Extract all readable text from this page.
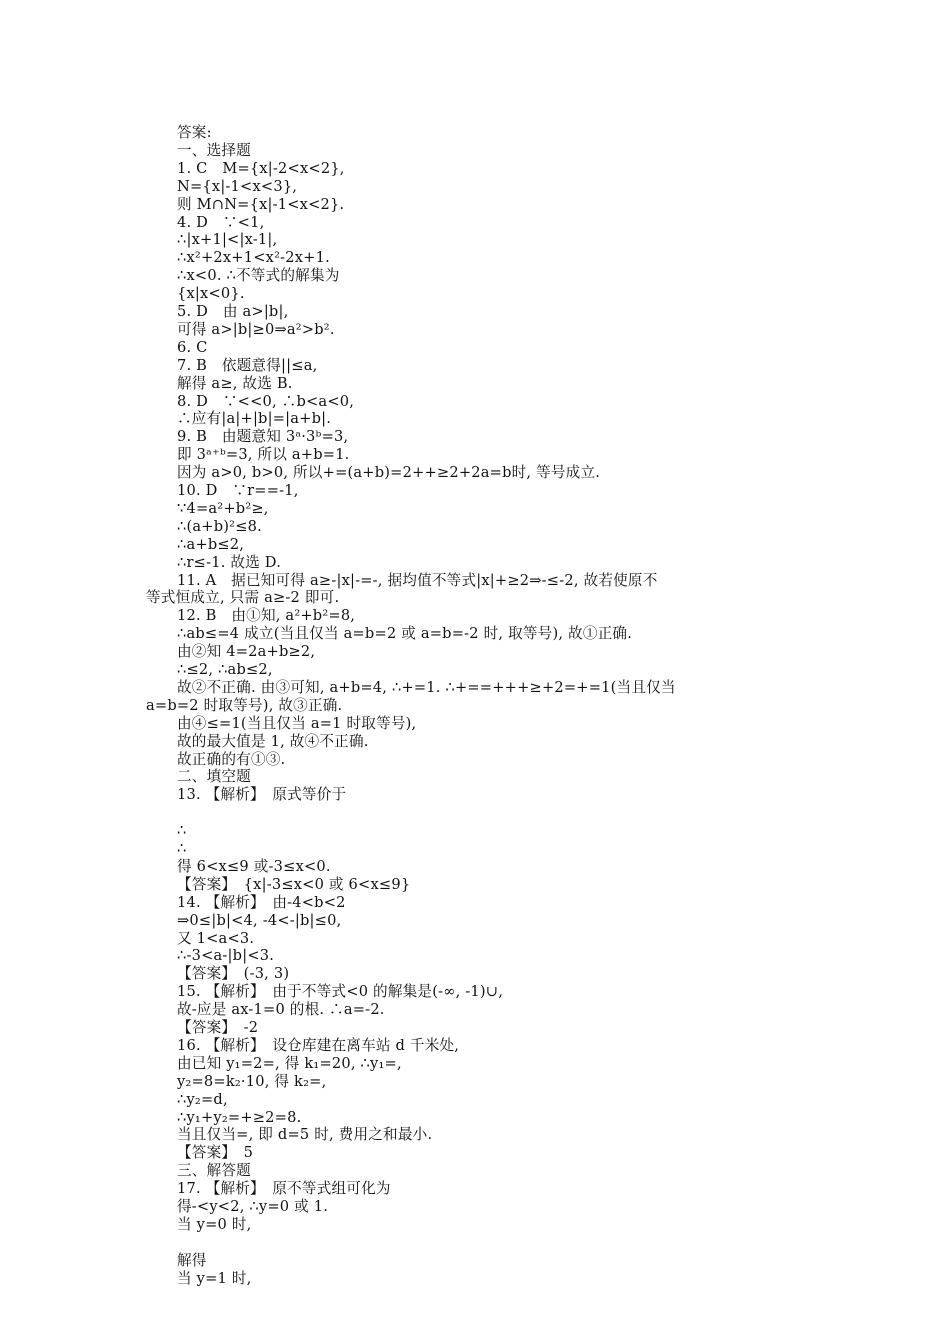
答案:
一、选择题
1. C　M={x|-2<x<2},
N={x|-1<x<3},
则 M∩N={x|-1<x<2}.
4. D　∵<1,
∴|x+1|<|x-1|,
∴x²+2x+1<x²-2x+1.
∴x<0. ∴不等式的解集为
{x|x<0}.
5. D　由 a>|b|,
可得 a>|b|≥0⇒a²>b².
6. C
7. B　依题意得||≤a,
解得 a≥, 故选 B.
8. D　∵<<0, ∴b<a<0,
∴应有|a|+|b|=|a+b|.
9. B　由题意知 3ᵃ·3ᵇ=3,
即 3ᵃ⁺ᵇ=3, 所以 a+b=1.
因为 a>0, b>0, 所以+=(a+b)=2++≥2+2a=b时, 等号成立.
10. D　∵r==-1,
∵4=a²+b²≥,
∴(a+b)²≤8.
∴a+b≤2,
∴r≤-1. 故选 D.
11. A　据已知可得 a≥-|x|-=-, 据均值不等式|x|+≥2⇒-≤-2, 故若使原不
等式恒成立, 只需 a≥-2 即可.
12. B　由①知, a²+b²=8,
∴ab≤=4 成立(当且仅当 a=b=2 或 a=b=-2 时, 取等号), 故①正确.
由②知 4=2a+b≥2,
∴≤2, ∴ab≤2,
故②不正确. 由③可知, a+b=4, ∴+=1. ∴+==+++≥+2=+=1(当且仅当
a=b=2 时取等号), 故③正确.
由④≤=1(当且仅当 a=1 时取等号),
故的最大值是 1, 故④不正确.
故正确的有①③.
二、填空题
13. 【解析】　原式等价于
∴
∴
得 6<x≤9 或-3≤x<0.
【答案】　{x|-3≤x<0 或 6<x≤9}
14. 【解析】　由-4<b<2
⇒0≤|b|<4, -4<-|b|≤0,
又 1<a<3.
∴-3<a-|b|<3.
【答案】　(-3, 3)
15. 【解析】　由于不等式<0 的解集是(-∞, -1)∪,
故-应是 ax-1=0 的根. ∴a=-2.
【答案】　-2
16. 【解析】　设仓库建在离车站 d 千米处,
由已知 y₁=2=, 得 k₁=20, ∴y₁=,
y₂=8=k₂·10, 得 k₂=,
∴y₂=d,
∴y₁+y₂=+≥2=8.
当且仅当=, 即 d=5 时, 费用之和最小.
【答案】　5
三、解答题
17. 【解析】　原不等式组可化为
得-<y<2, ∴y=0 或 1.
当 y=0 时,
解得
当 y=1 时,
